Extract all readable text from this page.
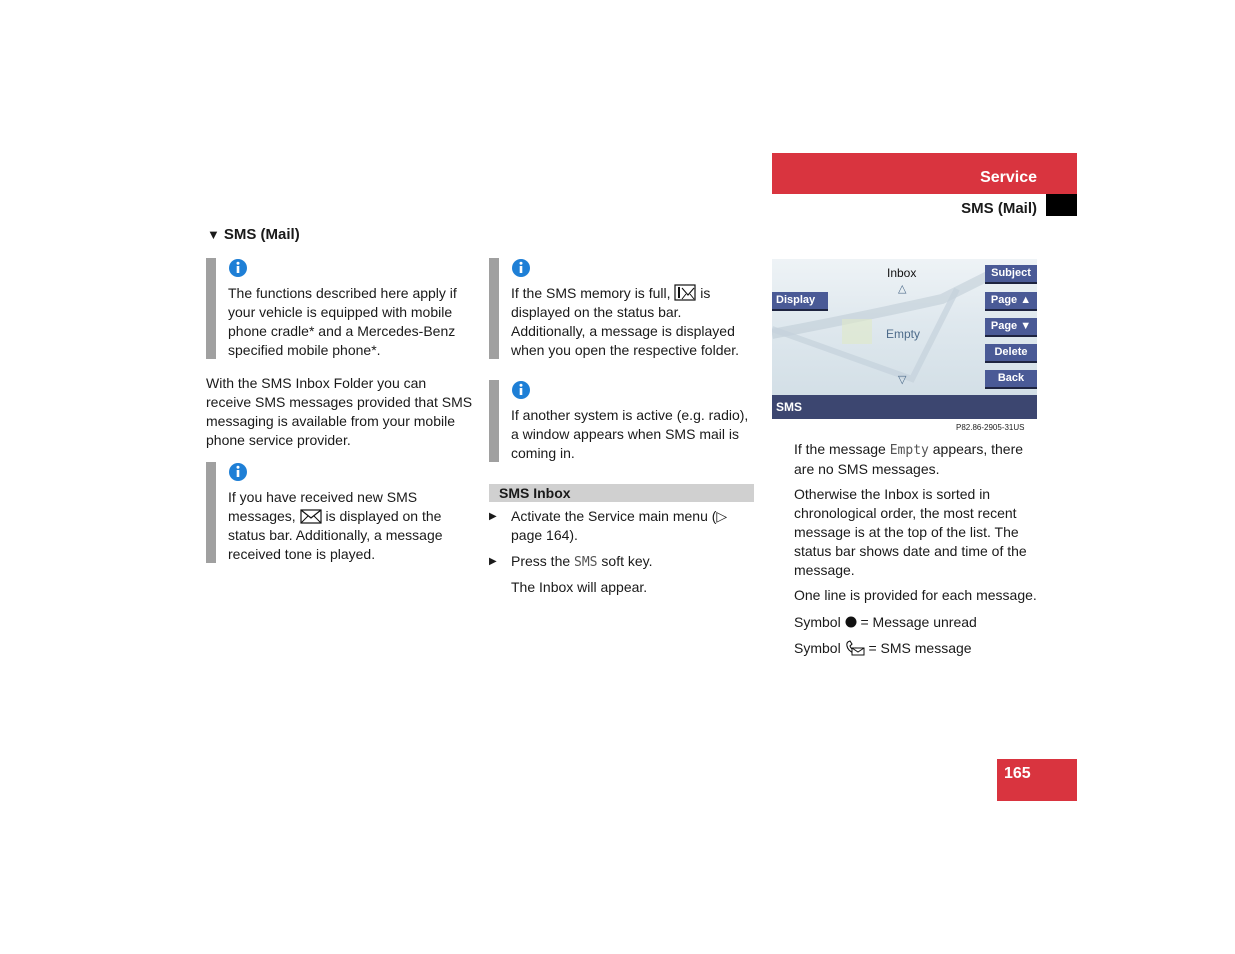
Service
SMS (Mail)
▼ SMS (Mail)
The functions described here apply if your vehicle is equipped with mobile phone cradle* and a Mercedes-Benz specified mobile phone*.
With the SMS Inbox Folder you can receive SMS messages provided that SMS messaging is available from your mobile phone service provider.
If you have received new SMS messages, is displayed on the status bar. Additionally, a message received tone is played.
If the SMS memory is full, is displayed on the status bar. Additionally, a message is displayed when you open the respective folder.
If another system is active (e.g. radio), a window appears when SMS mail is coming in.
SMS Inbox
▶ Activate the Service main menu (▷ page 164).
▶ Press the SMS soft key.
The Inbox will appear.
Inbox
△
Empty
▽
Display
Subject
Page ▲
Page ▼
Delete
Back
SMS
P82.86-2905-31US
If the message Empty appears, there are no SMS messages.
Otherwise the Inbox is sorted in chronological order, the most recent message is at the top of the list. The status bar shows date and time of the message.
One line is provided for each message.
Symbol = Message unread
Symbol = SMS message
165
